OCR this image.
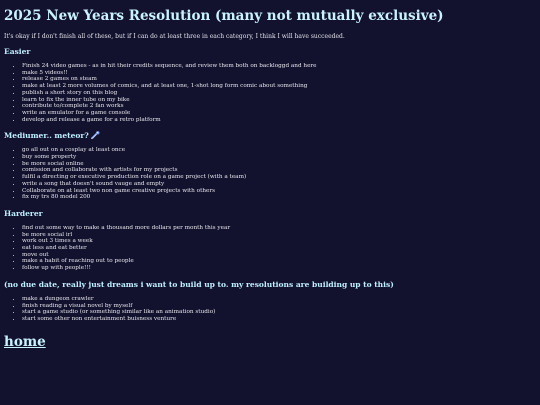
2025 New Years Resolution (many not mutually exclusive)

It's okay if I don't finish all of these, but if I can do at least three in each category, I think I will have succeeded.

Easier
• Finish 24 video games - as in hit their credits sequence, and review them both on backloggd and here
• make 5 videos!!
• release 2 games on steam
• make at least 2 more volumes of comics, and at least one, 1-shot long form comic about something
• publish a short story on this blog
• learn to fix the inner tube on my bike
• contribute to/complete 2 fan works
• write an emulator for a game console
• develop and release a game for a retro platform
Mediumer.. meteor?
• go all out on a cosplay at least once
• buy some property
• be more social online
• comission and collaborate with artists for my projects
• fulfil a directing or executive production role on a game project (with a team)
• write a song that doesn't sound vauge and empty
• Collaborate on at least two non game creative projects with others
• fix my trs 80 model 200
Harderer
• find out some way to make a thousand more dollars per month this year
• be more social irl
• work out 3 times a week
• eat less and eat better
• move out
• make a habit of reaching out to people
• follow up with people!!!
(no due date, really just dreams i want to build up to. my resolutions are building up to this)
• make a dungeon crawler
• finish reading a visual novel by myself
• start a game studio (or something similar like an animation studio)
• start some other non entertainment buisness venture
home
